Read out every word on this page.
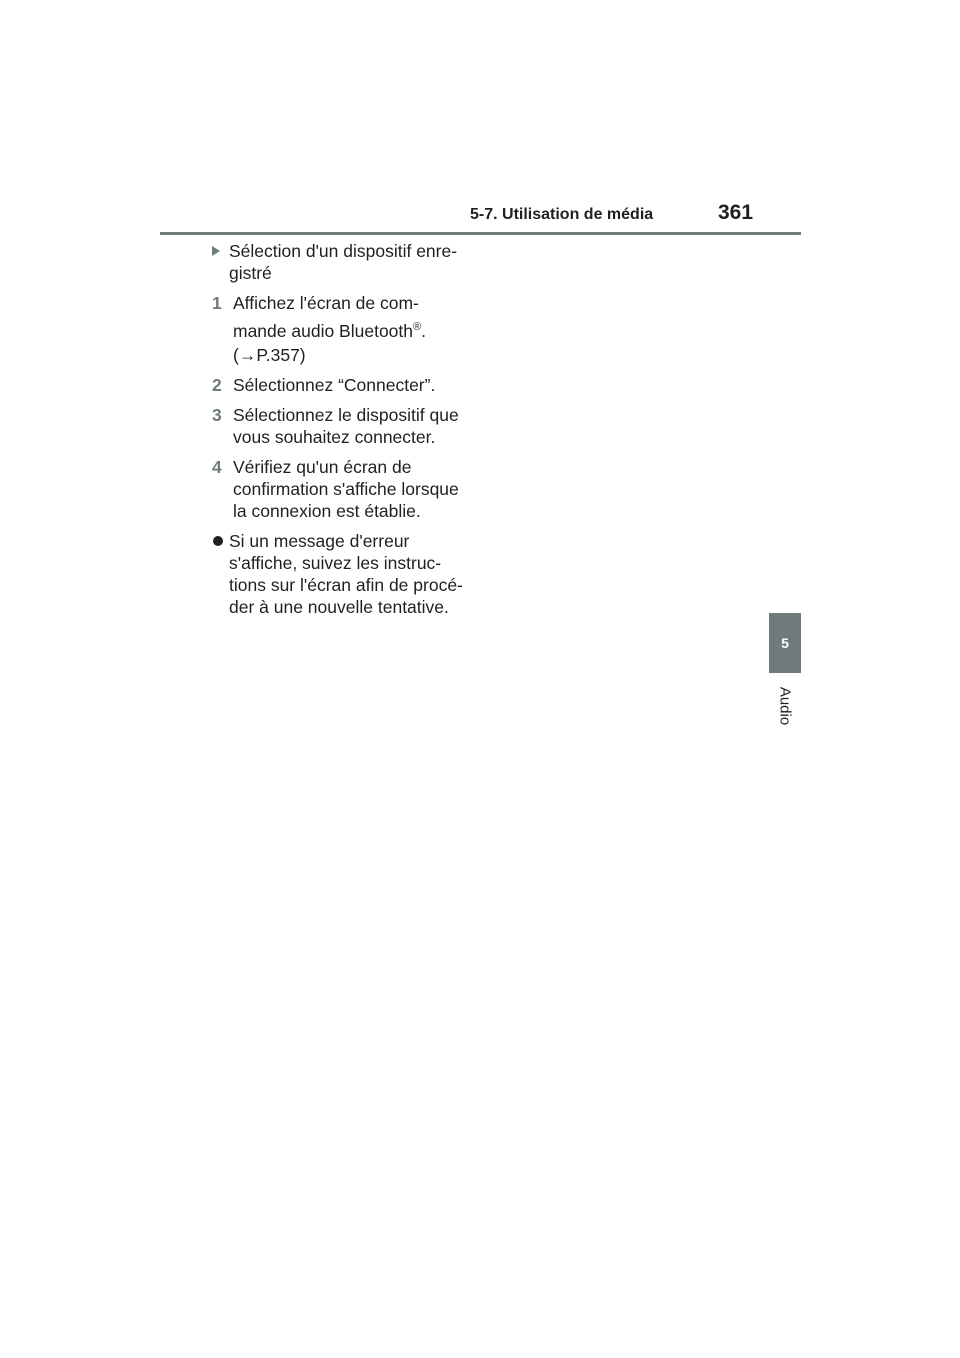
5-7. Utilisation de média	361
5
Audio
Sélection d'un dispositif enre-
gistré
1 Affichez l'écran de com-
mande audio Bluetooth®.
(→P.357)
2 Sélectionnez “Connecter”.
3 Sélectionnez le dispositif que
vous souhaitez connecter.
4 Vérifiez qu'un écran de
confirmation s'affiche lorsque
la connexion est établie.
Si un message d'erreur
s'affiche, suivez les instruc-
tions sur l'écran afin de procé-
der à une nouvelle tentative.
